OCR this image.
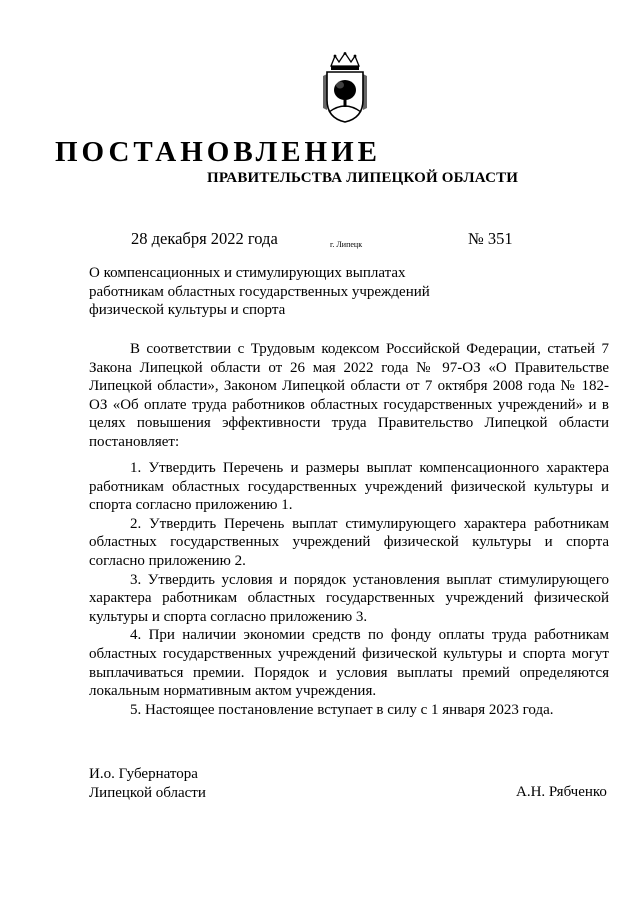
ПОСТАНОВЛЕНИЕ
ПРАВИТЕЛЬСТВА ЛИПЕЦКОЙ ОБЛАСТИ
28 декабря 2022 года	г. Липецк	№ 351
О компенсационных и стимулирующих выплатах
работникам областных государственных учреждений
физической культуры и спорта

В соответствии с Трудовым кодексом Российской Федерации, статьей 7 Закона Липецкой области от 26 мая 2022 года № 97-ОЗ «О Правительстве Липецкой области», Законом Липецкой области от 7 октября 2008 года № 182-ОЗ «Об оплате труда работников областных государственных учреждений» и в целях повышения эффективности труда Правительство Липецкой области постановляет:

1. Утвердить Перечень и размеры выплат компенсационного характера работникам областных государственных учреждений физической культуры и спорта согласно приложению 1.

2. Утвердить Перечень выплат стимулирующего характера работникам областных государственных учреждений физической культуры и спорта согласно приложению 2.

3. Утвердить условия и порядок установления выплат стимулирующего характера работникам областных государственных учреждений физической культуры и спорта согласно приложению 3.

4. При наличии экономии средств по фонду оплаты труда работникам областных государственных учреждений физической культуры и спорта могут выплачиваться премии. Порядок и условия выплаты премий определяются локальным нормативным актом учреждения.

5. Настоящее постановление вступает в силу с 1 января 2023 года.

И.о. Губернатора
Липецкой области	А.Н. Рябченко
